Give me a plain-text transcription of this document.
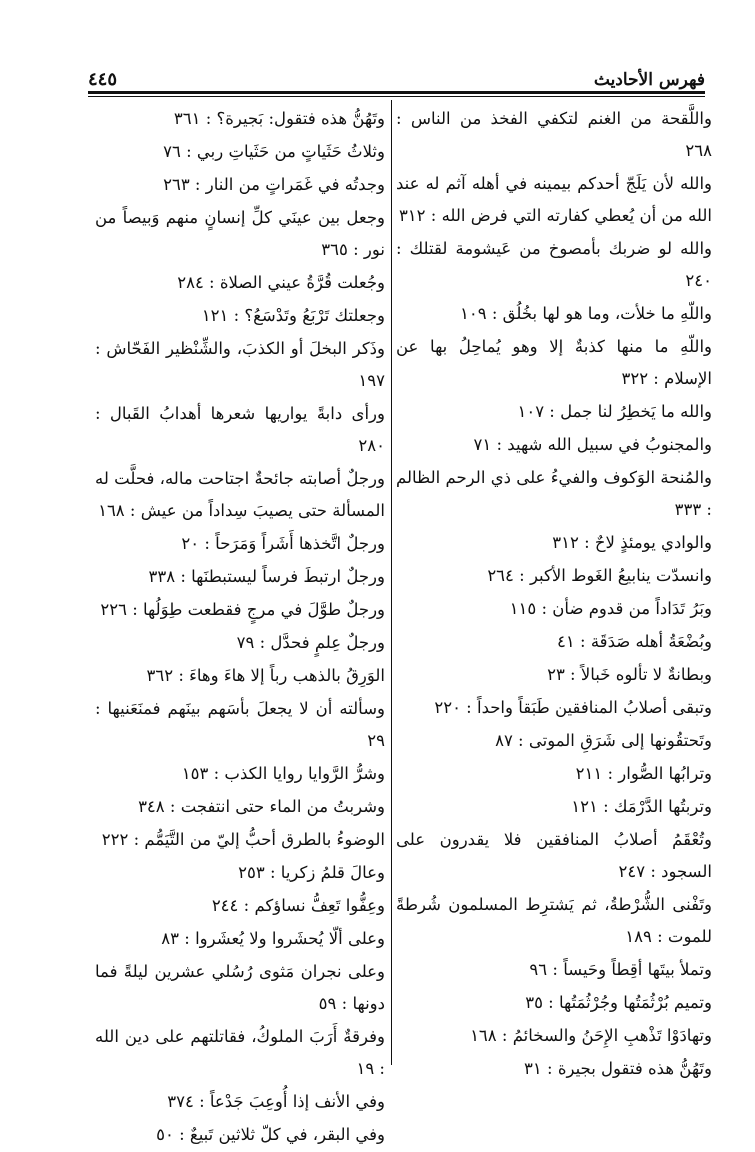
فهرس الأحاديث
٤٤٥
واللَّقحة من الغنم لتكفي الفخذ من الناس : ٢٦٨
والله لأن يَلَجّ أحدكم بيمينه في أهله آثم له عند الله من أن يُعطي كفارته التي فرض الله : ٣١٢
والله لو ضربك بأمصوخ من عَيشومة لقتلك : ٢٤٠
واللّهِ ما خلأت، وما هو لها بخُلُق : ١٠٩
واللّهِ ما منها كذبةٌ إلا وهو يُماحِلُ بها عن الإسلام : ٣٢٢
والله ما يَخطِرُ لنا جمل : ١٠٧
والمجنوبُ في سبيل الله شهيد : ٧١
والمُنحة الوَكوف والفيءُ على ذي الرحم الظالم : ٣٣٣
والوادي يومئذٍ لاحٌ : ٣١٢
وانسدّت ينابيعُ الغَوط الأكبر : ٢٦٤
وبَرُ تَدَاداً من قدوم ضأن : ١١٥
وبُضْعَةُ أهله صَدَقَة : ٤١
وبطانةٌ لا تألوه خَبالاً : ٢٣
وتبقى أصلابُ المنافقين طَبَقاً واحداً : ٢٢٠
وتَحتقُونها إلى شَرَقِ الموتى : ٨٧
وترابُها الصُّوار : ٢١١
وتربتُها الدَّرْمَك : ١٢١
وتُعْقَمُ أصلابُ المنافقين فلا يقدرون على السجود : ٢٤٧
وتَفْنى الشُّرْطةُ، ثم يَشترِط المسلمون شُرطةً للموت : ١٨٩
وتملأ بيتَها أقِطاً وحَيساً : ٩٦
وتميم بُرْثُمَتُها وجُرْثُمَتُها : ٣٥
وتهادَوْا تَذْهبِ الإِحَنُ والسخائمُ : ١٦٨
وتَهُنُّ هذه فتقول بجيرة : ٣١
وتَهُنُّ هذه فتقول: بَجيرة؟ : ٣٦١
وثلاثُ حَثَياتٍ من حَثَياتِ ربي : ٧٦
وجدتُه في غَمَراتٍ من النار : ٢٦٣
وجعل بين عينَي كلِّ إنسانٍ منهم وَبيصاً من نور : ٣٦٥
وجُعلت قُرَّةُ عيني الصلاة : ٢٨٤
وجعلتك تَرْبَعُ وتَدْسَعُ؟ : ١٢١
وذَكر البخلَ أو الكذبَ، والشِّنْظير الفَحّاش : ١٩٧
ورأى دابةً يواريها شعرها أهدابُ القَبال : ٢٨٠
ورجلٌ أصابته جائحةٌ اجتاحت ماله، فحلَّت له المسألة حتى يصيبَ سِداداً من عيش : ١٦٨
ورجلٌ اتَّخذها أَشَراً وَمَرَحاً : ٢٠
ورجلٌ ارتبطَ فرساً ليستبطنَها : ٣٣٨
ورجلٌ طوَّلَ في مرجٍ فقطعت طِوَلُها : ٢٢٦
ورجلٌ عِلمٍ فحدَّل : ٧٩
الوَرِقُ بالذهب رباً إلا هاءَ وهاءَ : ٣٦٢
وسألته أن لا يجعلَ بأسَهم بينَهم فمنَعَنيها : ٢٩
وشرُّ الرَّوايا روايا الكذب : ١٥٣
وشربتُ من الماء حتى انتفجت : ٣٤٨
الوضوءُ بالطرق أحبُّ إليّ من التَّيَمُّم : ٢٢٢
وعالَ قلمُ زكريا : ٢٥٣
وعِفُّوا تَعِفُّ نساؤكم : ٢٤٤
وعلى ألّا يُحشَروا ولا يُعشَروا : ٨٣
وعلى نجران مَثوى رُسُلي عشرين ليلةً فما دونها : ٥٩
وفرقةٌ أَرَبَ الملوكُ، فقاتلتهم على دين الله : ١٩
وفي الأنف إذا أُوعِبَ جَدْعاً : ٣٧٤
وفي البقر، في كلّ ثلاثين تَبيعٌ : ٥٠
